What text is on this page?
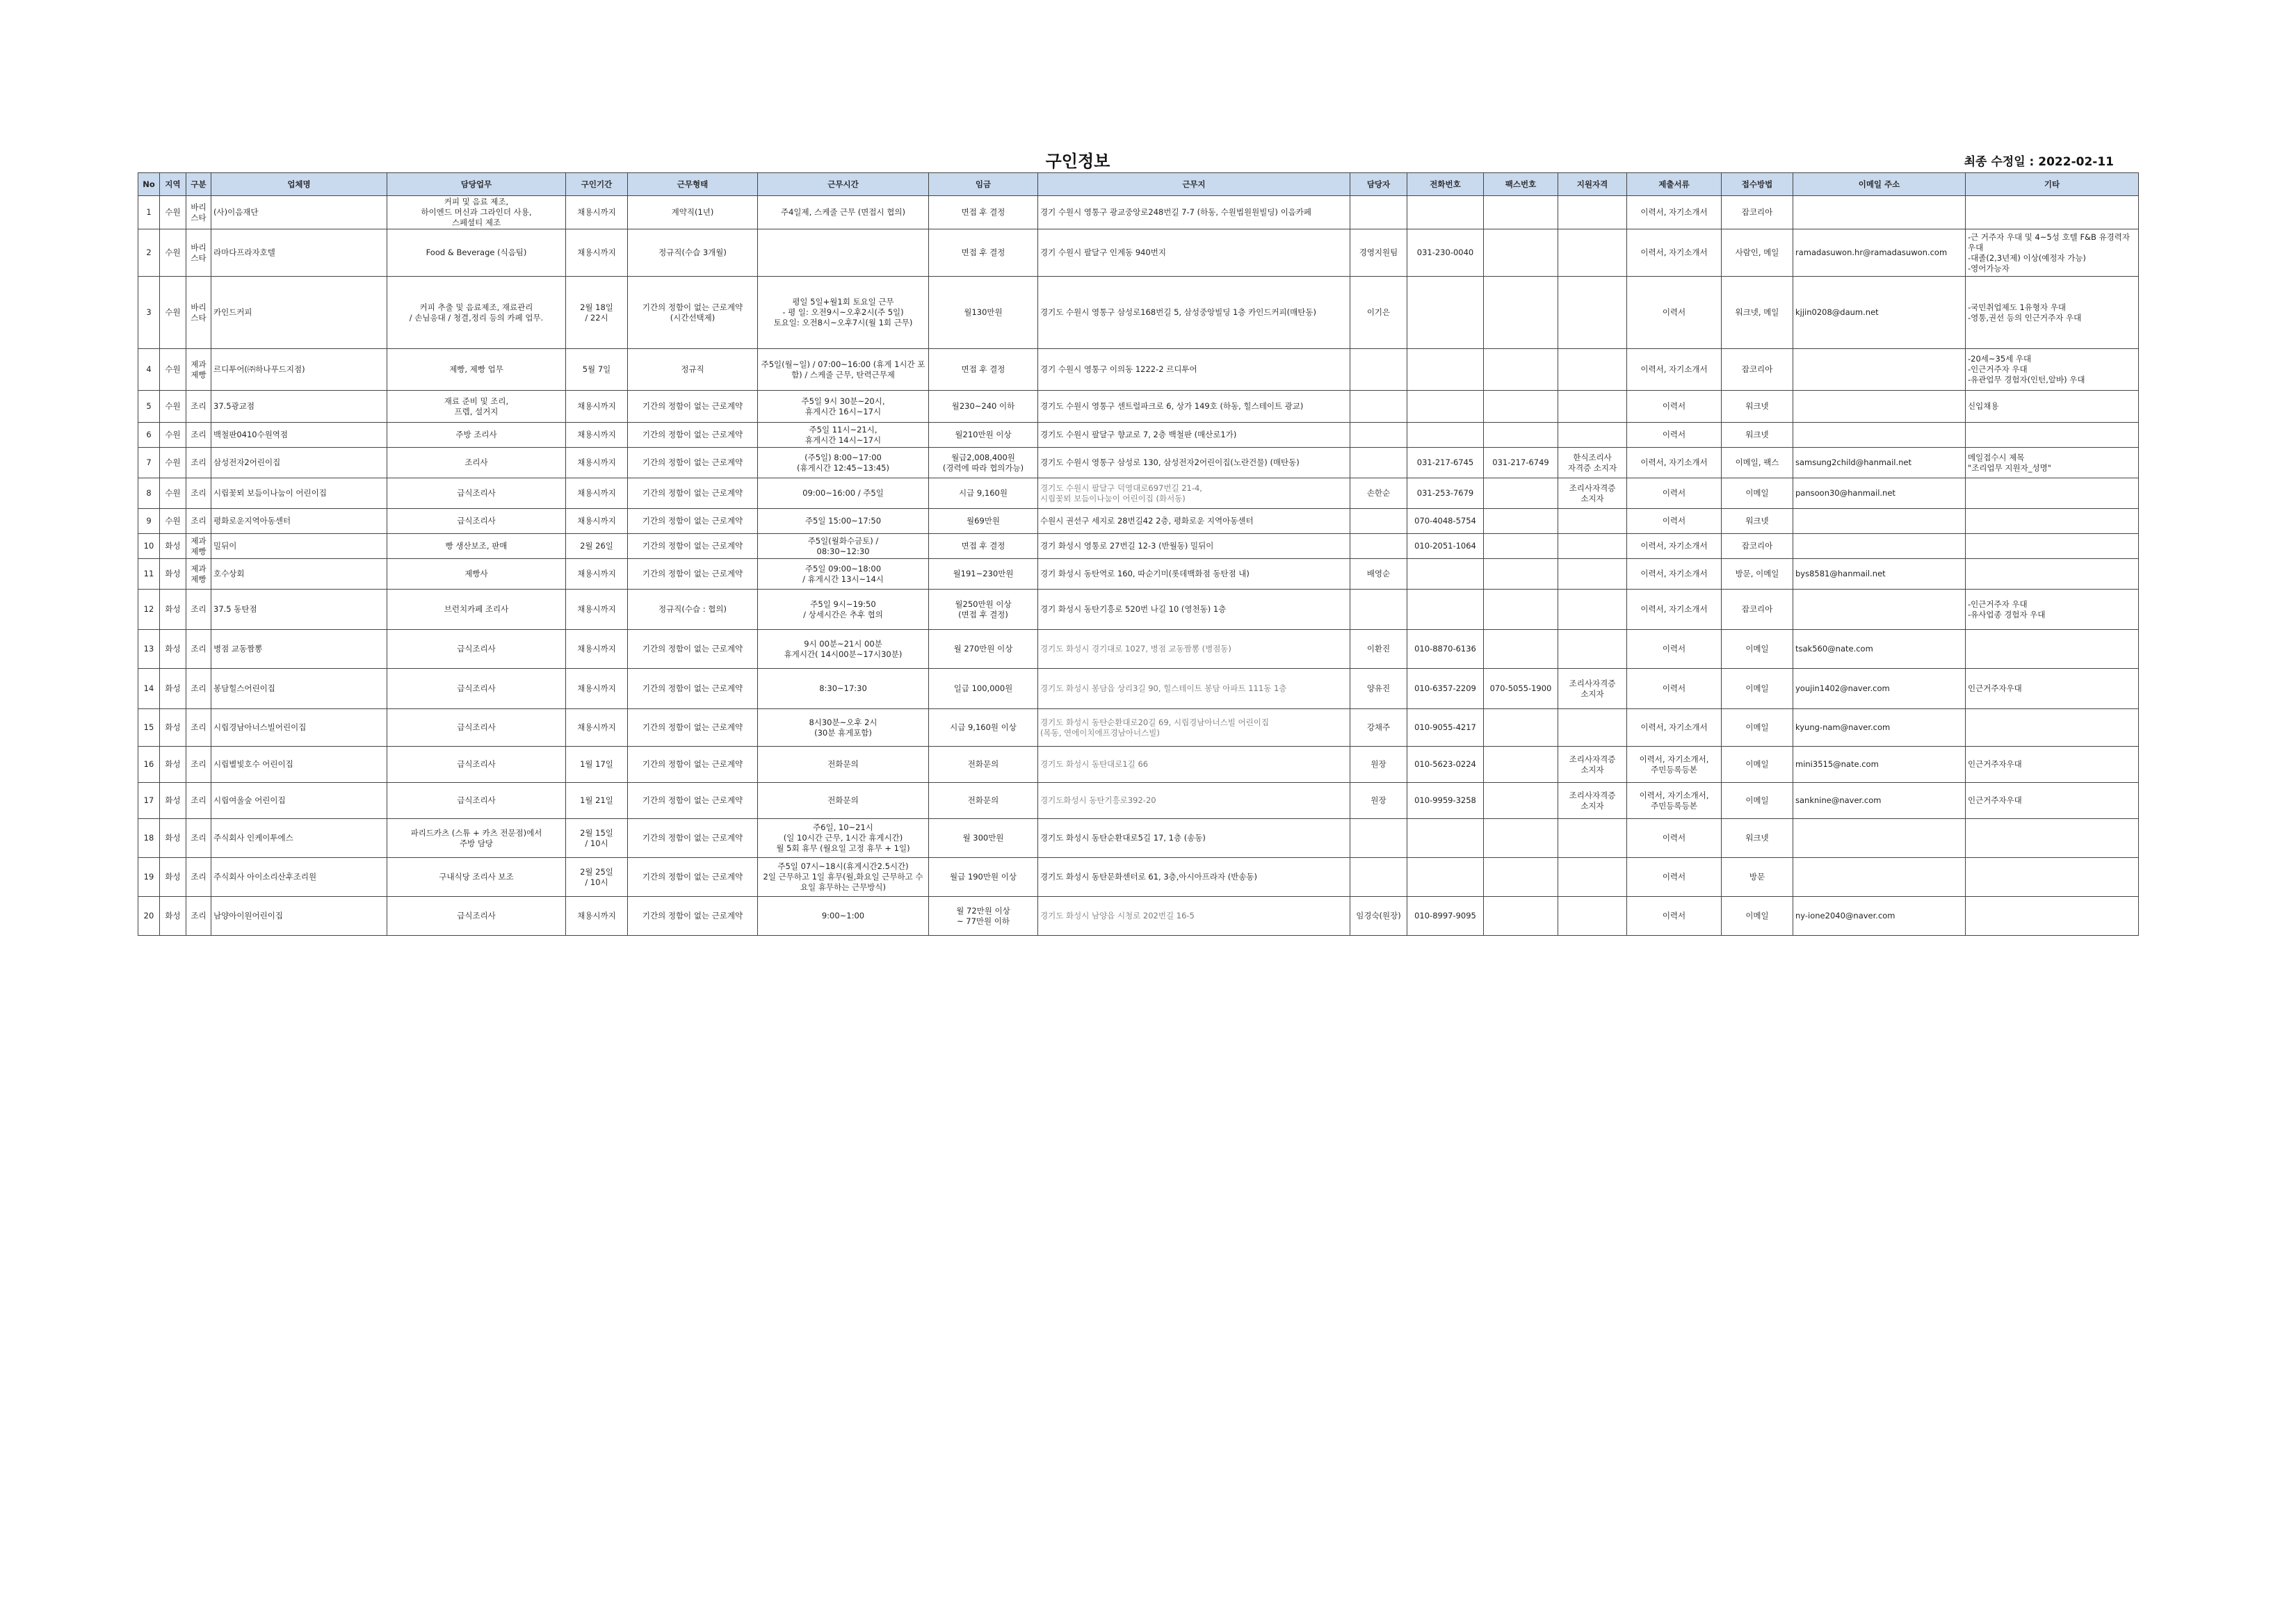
구인정보	최종 수정일 : 2022-02-11
No	지역	구분	업체명	담당업무	구인기간	근무형태	근무시간	임금	근무지	담당자	전화번호	팩스번호	지원자격	제출서류	접수방법	이메일 주소	기타
1	수원	바리
스타	(사)이음재단	커피 및 음료 제조,
하이엔드 머신과 그라인더 사용,
스페셜티 제조	채용시까지	계약직(1년)	주4일제, 스케줄 근무 (면접시 협의)	면접 후 결정	경기 수원시 영통구 광교중앙로248번길 7-7 (하동, 수원법원원빌딩) 이음카페					이력서, 자기소개서	잡코리아		
2	수원	바리
스타	라마다프라자호텔	Food & Beverage (식음팀)	채용시까지	정규직(수습 3개월)		면접 후 결정	경기 수원시 팔달구 인계동 940번지	경영지원팀	031-230-0040			이력서, 자기소개서	사람인, 메일	ramadasuwon.hr@ramadasuwon.com	-근 거주자 우대 및 4~5성 호텔 F&B 유경력자 우대
-대졸(2,3년제) 이상(예정자 가능)
-영어가능자
3	수원	바리
스타	카인드커피	커피 추출 및 음료제조, 재료관리
/ 손님응대 / 청결,정리 등의 카페 업무.	2월 18일
/ 22시	기간의 정함이 없는 근로계약
(시간선택제)	평일 5일+월1회 토요일 근무
- 평 일: 오전9시~오후2시(주 5일)
토요일: 오전8시~오후7시(월 1회 근무)	월130만원	경기도 수원시 영통구 삼성로168번길 5, 삼성중앙빌딩 1층 카인드커피(매탄동)	이기은				이력서	워크넷, 메일	kjjin0208@daum.net	-국민취업제도 1유형자 우대
-영통,권선 등의 인근거주자 우대
4	수원	제과
제빵	르디투어(㈜하나푸드지점)	제빵, 제빵 업무	5월 7일	정규직	주5일(월~일) / 07:00~16:00 (휴게 1시간 포함) / 스케줄 근무, 탄력근무제	면접 후 결정	경기 수원시 영통구 이의동 1222-2 르디투어					이력서, 자기소개서	잡코리아		-20세~35세 우대
-인근거주자 우대
-유관업무 경험자(인턴,알바) 우대
5	수원	조리	37.5광교점	재료 준비 및 조리,
프렙, 설거지	채용시까지	기간의 정함이 없는 근로계약	주5일 9시 30분~20시,
휴게시간 16시~17시	월230~240 이하	경기도 수원시 영통구 센트럴파크로 6, 상가 149호 (하동, 힐스테이트 광교)					이력서	워크넷		신입채용
6	수원	조리	백철판0410수원역점	주방 조리사	채용시까지	기간의 정함이 없는 근로계약	주5일 11시~21시,
휴게시간 14시~17시	월210만원 이상	경기도 수원시 팔달구 향교로 7, 2층 백철판 (매산로1가)					이력서	워크넷		
7	수원	조리	삼성전자2어린이집	조리사	채용시까지	기간의 정함이 없는 근로계약	(주5일) 8:00~17:00
(휴게시간 12:45~13:45)	월급2,008,400원
(경력에 따라 협의가능)	경기도 수원시 영통구 삼성로 130, 삼성전자2어린이집(노란건물) (매탄동)		031-217-6745	031-217-6749	한식조리사
자격증 소지자	이력서, 자기소개서	이메일, 팩스	samsung2child@hanmail.net	메일접수시 제목
"조리업무 지원자_성명"
8	수원	조리	시립꽃뫼 보듬이나눔이 어린이집	급식조리사	채용시까지	기간의 정함이 없는 근로계약	09:00~16:00 / 주5일	시급 9,160원	경기도 수원시 팔달구 덕영대로697번길 21-4,
시립꽃뫼 보듬이나눔이 어린이집 (화서동)	손한순	031-253-7679		조리사자격증
소지자	이력서	이메일	pansoon30@hanmail.net	
9	수원	조리	평화로운지역아동센터	급식조리사	채용시까지	기간의 정함이 없는 근로계약	주5일 15:00~17:50	월69만원	수원시 권선구 세지로 28번길42 2층, 평화로운 지역아동센터		070-4048-5754			이력서	워크넷		
10	화성	제과
제빵	밀뒤이	빵 생산보조, 판매	2월 26일	기간의 정함이 없는 근로계약	주5일(월화수금토) /
08:30~12:30	면접 후 결정	경기 화성시 영통로 27번길 12-3 (반월동) 밀뒤이		010-2051-1064			이력서, 자기소개서	잡코리아		
11	화성	제과
제빵	호수상회	제빵사	채용시까지	기간의 정함이 없는 근로계약	주5일 09:00~18:00
/ 휴게시간 13시~14시	월191~230만원	경기 화성시 동탄역로 160, 따순기미(롯데백화점 동탄점 내)	배영순				이력서, 자기소개서	방문, 이메일	bys8581@hanmail.net	
12	화성	조리	37.5 동탄점	브런치카페 조리사	채용시까지	정규직(수습 : 협의)	주5일 9시~19:50
/ 상세시간은 추후 협의	월250만원 이상
(면접 후 결정)	경기 화성시 동탄기흥로 520번 나길 10 (영천동) 1층					이력서, 자기소개서	잡코리아		-인근거주자 우대
-유사업종 경험자 우대
13	화성	조리	병점 교동짬뽕	급식조리사	채용시까지	기간의 정함이 없는 근로계약	9시 00분~21시 00분
휴게시간( 14시00분~17시30분)	월 270만원 이상	경기도 화성시 경기대로 1027, 병점 교동짬뽕 (병점동)	이환진	010-8870-6136			이력서	이메일	tsak560@nate.com	
14	화성	조리	봉담힐스어린이집	급식조리사	채용시까지	기간의 정함이 없는 근로계약	8:30~17:30	일급 100,000원	경기도 화성시 봉담읍 상리3길 90, 힐스테이트 봉담 아파트 111동 1층	양유진	010-6357-2209	070-5055-1900	조리사자격증
소지자	이력서	이메일	youjin1402@naver.com	인근거주자우대
15	화성	조리	시립경남아너스빌어린이집	급식조리사	채용시까지	기간의 정함이 없는 근로계약	8시30분~오후 2시
(30분 휴게포함)	시급 9,160원 이상	경기도 화성시 동탄순환대로20길 69, 시립경남아너스빌 어린이집
(목동, 연에이치에프경남아너스빌)	강채주	010-9055-4217			이력서, 자기소개서	이메일	kyung-nam@naver.com	
16	화성	조리	시립별빛호수 어린이집	급식조리사	1월 17일	기간의 정함이 없는 근로계약	전화문의	전화문의	경기도 화성시 동탄대로1길 66	원장	010-5623-0224		조리사자격증
소지자	이력서, 자기소개서,
주민등록등본	이메일	mini3515@nate.com	인근거주자우대
17	화성	조리	시립여울숲 어린이집	급식조리사	1월 21일	기간의 정함이 없는 근로계약	전화문의	전화문의	경기도화성시 동탄기흥로392-20	원장	010-9959-3258		조리사자격증
소지자	이력서, 자기소개서,
주민등록등본	이메일	sanknine@naver.com	인근거주자우대
18	화성	조리	주식회사 인케이투에스	파리드카츠 (스튜 + 카츠 전문점)에서
주방 담당	2월 15일
/ 10시	기간의 정함이 없는 근로계약	주6일, 10~21시
(일 10시간 근무, 1시간 휴게시간)
월 5회 휴무 (월요일 고정 휴무 + 1일)	월 300만원	경기도 화성시 동탄순환대로5길 17, 1층 (송동)					이력서	워크넷		
19	화성	조리	주식회사 아이소리산후조리원	구내식당 조리사 보조	2월 25일
/ 10시	기간의 정함이 없는 근로계약	주5일 07시~18시(휴게시간2.5시간)
2일 근무하고 1일 휴무(월,화요일 근무하고 수요일 휴무하는 근무방식)	월급 190만원 이상	경기도 화성시 동탄문화센터로 61, 3층,아시아프라자 (반송동)					이력서	방문		
20	화성	조리	남양아이원어린이집	급식조리사	채용시까지	기간의 정함이 없는 근로계약	9:00~1:00	월 72만원 이상
~ 77만원 이하	경기도 화성시 남양읍 시청로 202번길 16-5	임경숙(원장)	010-8997-9095			이력서	이메일	ny-ione2040@naver.com	
